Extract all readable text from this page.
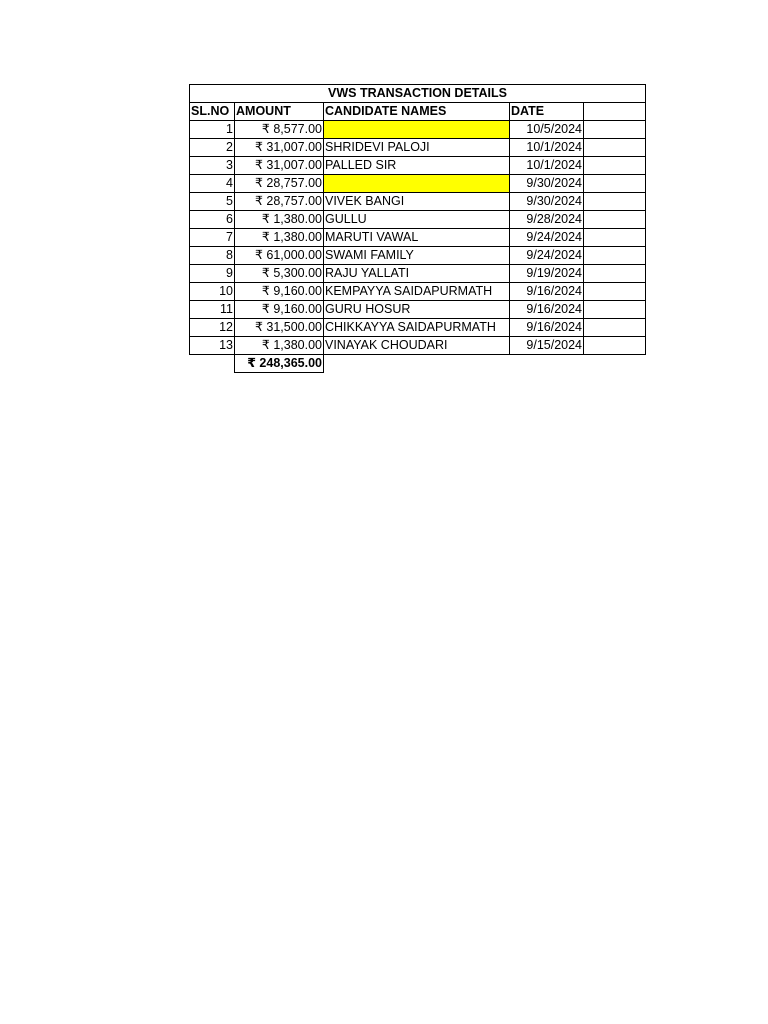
VWS TRANSACTION DETAILS				
SL.NO	AMOUNT	CANDIDATE NAMES	DATE	
1	₹ 8,577.00		10/5/2024	
2	₹ 31,007.00	SHRIDEVI PALOJI	10/1/2024	
3	₹ 31,007.00	PALLED SIR	10/1/2024	
4	₹ 28,757.00		9/30/2024	
5	₹ 28,757.00	VIVEK BANGI	9/30/2024	
6	₹ 1,380.00	GULLU	9/28/2024	
7	₹ 1,380.00	MARUTI VAWAL	9/24/2024	
8	₹ 61,000.00	SWAMI FAMILY	9/24/2024	
9	₹ 5,300.00	RAJU YALLATI	9/19/2024	
10	₹ 9,160.00	KEMPAYYA SAIDAPURMATH	9/16/2024	
11	₹ 9,160.00	GURU HOSUR	9/16/2024	
12	₹ 31,500.00	CHIKKAYYA SAIDAPURMATH	9/16/2024	
13	₹ 1,380.00	VINAYAK CHOUDARI	9/15/2024	
	₹ 248,365.00			
